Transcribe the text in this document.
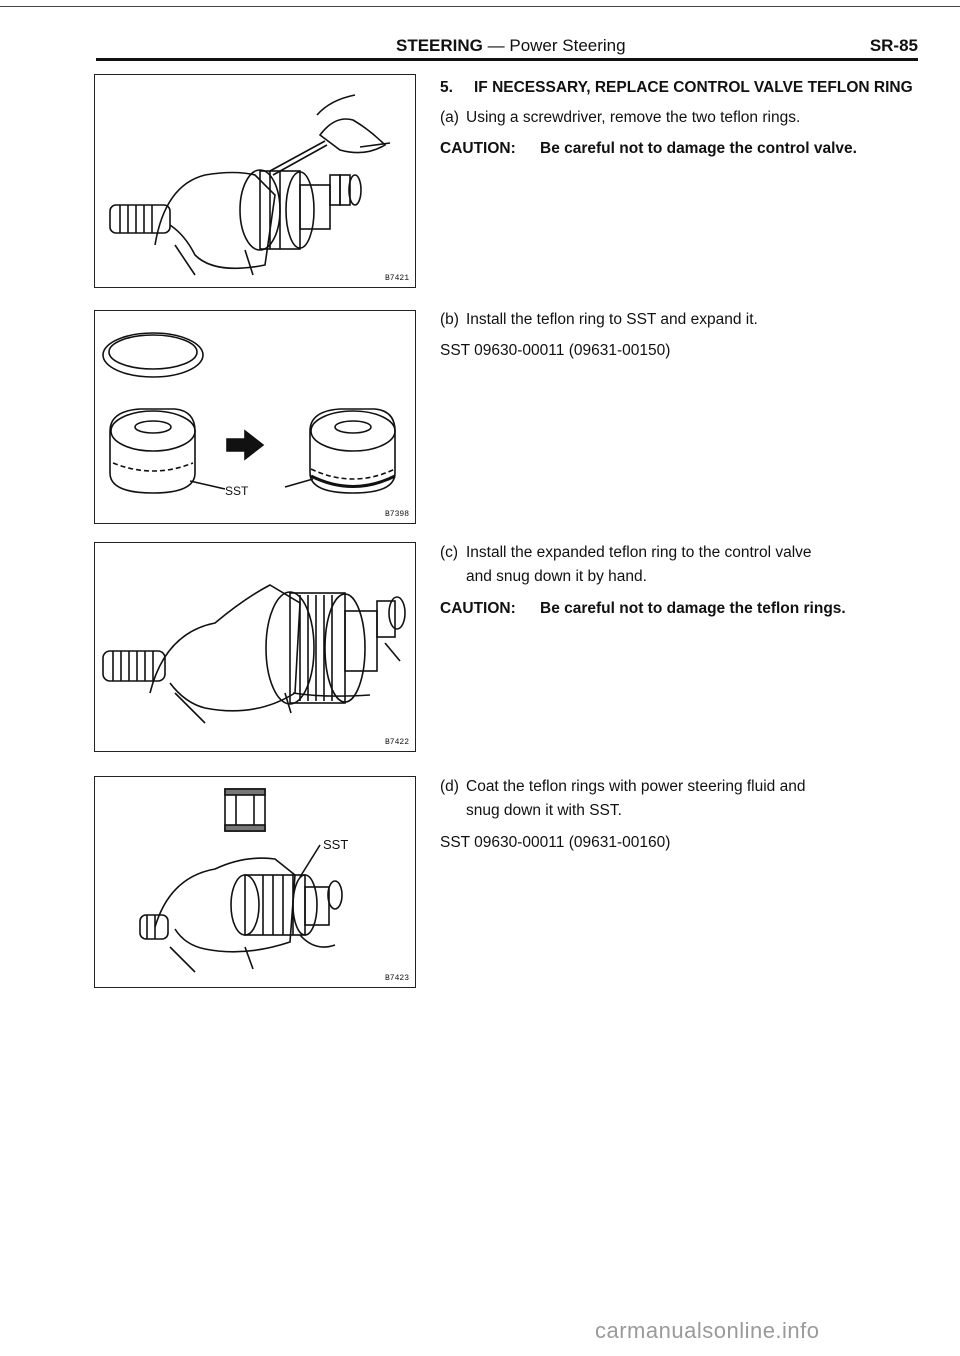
STEERING — Power Steering	SR-85
B7421
SST
B7398
B7422
SST
B7423
5. IF NECESSARY, REPLACE CONTROL VALVE TEFLON RING
(a) Using a screwdriver, remove the two teflon rings.
CAUTION: Be careful not to damage the control valve.
(b) Install the teflon ring to SST and expand it.
SST 09630-00011 (09631-00150)
(c) Install the expanded teflon ring to the control valve
and snug down it by hand.
CAUTION: Be careful not to damage the teflon rings.
(d) Coat the teflon rings with power steering fluid and
snug down it with SST.
SST 09630-00011 (09631-00160)
carmanualsonline.info
